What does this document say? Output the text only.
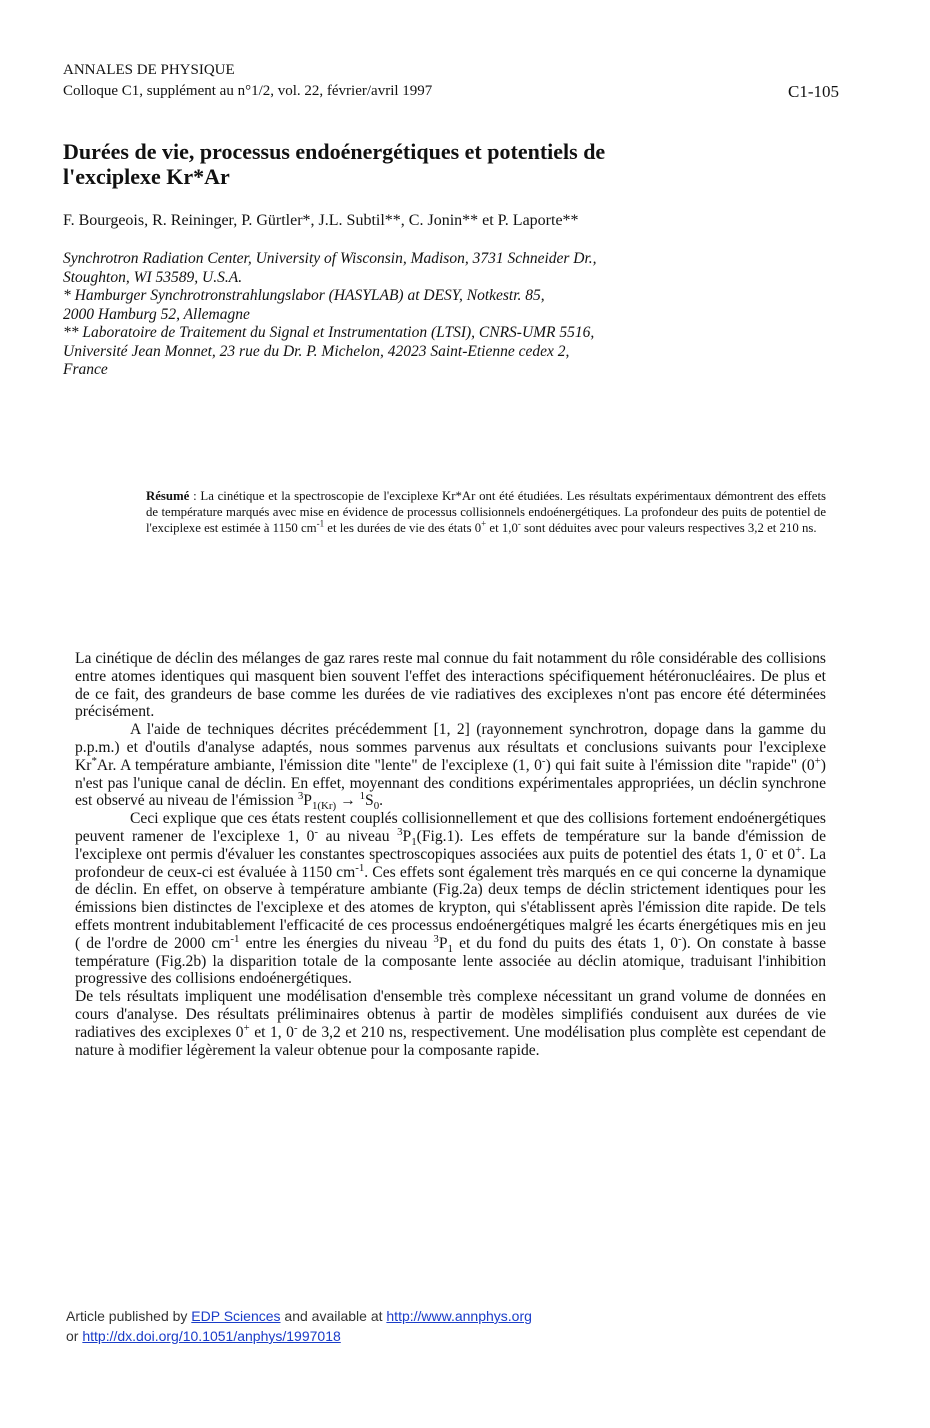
ANNALES DE PHYSIQUE
Colloque C1, supplément au n°1/2, vol. 22, février/avril 1997	C1-105
Durées de vie, processus endoénergétiques et potentiels de
l'exciplexe Kr*Ar
F. Bourgeois, R. Reininger, P. Gürtler*, J.L. Subtil**, C. Jonin** et P. Laporte**
Synchrotron Radiation Center, University of Wisconsin, Madison, 3731 Schneider Dr.,
Stoughton, WI 53589, U.S.A.
* Hamburger Synchrotronstrahlungslabor (HASYLAB) at DESY, Notkestr. 85,
2000 Hamburg 52, Allemagne
** Laboratoire de Traitement du Signal et Instrumentation (LTSI), CNRS-UMR 5516,
Université Jean Monnet, 23 rue du Dr. P. Michelon, 42023 Saint-Etienne cedex 2,
France
Résumé : La cinétique et la spectroscopie de l'exciplexe Kr*Ar ont été étudiées. Les résultats expérimentaux démontrent des effets de température marqués avec mise en évidence de processus collisionnels endoénergétiques. La profondeur des puits de potentiel de l'exciplexe est estimée à 1150 $cm^{-1}$ et les durées de vie des états 0+ et 1,0- sont déduites avec pour valeurs respectives 3,2 et 210 ns.

La cinétique de déclin des mélanges de gaz rares reste mal connue du fait notamment du rôle considérable des collisions entre atomes identiques qui masquent bien souvent l'effet des interactions spécifiquement hétéronucléaires. De plus et de ce fait, des grandeurs de base comme les durées de vie radiatives des exciplexes n'ont pas encore été déterminées précisément.

A l'aide de techniques décrites précédemment [1, 2] (rayonnement synchrotron, dopage dans la gamme du p.p.m.) et d'outils d'analyse adaptés, nous sommes parvenus aux résultats et conclusions suivants pour l'exciplexe Kr*Ar. A température ambiante, l'émission dite "lente" de l'exciplexe (1, 0-) qui fait suite à l'émission dite "rapide" (0+) n'est pas l'unique canal de déclin. En effet, moyennant des conditions expérimentales appropriées, un déclin synchrone est observé au niveau de l'émission $^3P_{1(Kr)} \to ^1S_0$.

Ceci explique que ces états restent couplés collisionnellement et que des collisions fortement endoénergétiques peuvent ramener de l'exciplexe 1, 0- au niveau $^3P_1(Fig.1)$. Les effets de température sur la bande d'émission de l'exciplexe ont permis d'évaluer les constantes spectroscopiques associées aux puits de potentiel des états 1, 0- et 0+. La profondeur de ceux-ci est évaluée à 1150 $cm^{-1}$. Ces effets sont également très marqués en ce qui concerne la dynamique de déclin. En effet, on observe à température ambiante (Fig.2a) deux temps de déclin strictement identiques pour les émissions bien distinctes de l'exciplexe et des atomes de krypton, qui s'établissent après l'émission dite rapide. De tels effets montrent indubitablement l'efficacité de ces processus endoénergétiques malgré les écarts énergétiques mis en jeu ( de l'ordre de 2000 $cm^{-1}$ entre les énergies du niveau $^3P_1$ et du fond du puits des états 1, 0-). On constate à basse température (Fig.2b) la disparition totale de la composante lente associée au déclin atomique, traduisant l'inhibition progressive des collisions endoénergétiques.

De tels résultats impliquent une modélisation d'ensemble très complexe nécessitant un grand volume de données en cours d'analyse. Des résultats préliminaires obtenus à partir de modèles simplifiés conduisent aux durées de vie radiatives des exciplexes 0+ et 1, 0- de 3,2 et 210 ns, respectivement. Une modélisation plus complète est cependant de nature à modifier légèrement la valeur obtenue pour la composante rapide.

Article published by EDP Sciences and available at http://www.annphys.org
or http://dx.doi.org/10.1051/anphys/1997018
